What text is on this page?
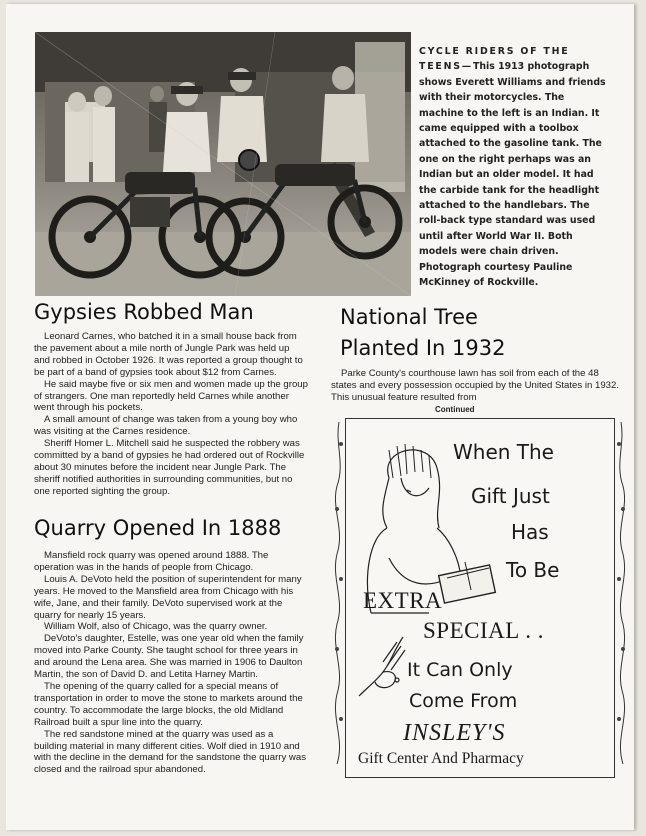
CYCLE RIDERS OF THE TEENS—This 1913 photograph shows Everett Williams and friends with their motorcycles. The machine to the left is an Indian. It came equipped with a toolbox attached to the gasoline tank. The one on the right perhaps was an Indian but an older model. It had the carbide tank for the headlight attached to the handlebars. The roll-back type standard was used until after World War II. Both models were chain driven. Photograph courtesy Pauline McKinney of Rockville.
Gypsies Robbed Man

Leonard Carnes, who batched it in a small house back from the pavement about a mile north of Jungle Park was held up and robbed in October 1926. It was reported a group thought to be part of a band of gypsies took about $12 from Carnes.

He said maybe five or six men and women made up the group of strangers. One man reportedly held Carnes while another went through his pockets.

A small amount of change was taken from a young boy who was visiting at the Carnes residence.

Sheriff Homer L. Mitchell said he suspected the robbery was committed by a band of gypsies he had ordered out of Rockville about 30 minutes before the incident near Jungle Park. The sheriff notified authorities in surrounding communities, but no one reported sighting the group.

Quarry Opened In 1888

Mansfield rock quarry was opened around 1888. The operation was in the hands of people from Chicago.

Louis A. DeVoto held the position of superintendent for many years. He moved to the Mansfield area from Chicago with his wife, Jane, and their family. DeVoto supervised work at the quarry for nearly 15 years.

William Wolf, also of Chicago, was the quarry owner.

DeVoto's daughter, Estelle, was one year old when the family moved into Parke County. She taught school for three years in and around the Lena area. She was married in 1906 to Daulton Martin, the son of David D. and Letita Harney Martin.

The opening of the quarry called for a special means of transportation in order to move the stone to markets around the country. To accommodate the large blocks, the old Midland Railroad built a spur line into the quarry.

The red sandstone mined at the quarry was used as a building material in many different cities. Wolf died in 1910 and with the decline in the demand for the sandstone the quarry was closed and the railroad spur abandoned.

National Tree
Planted In 1932

Parke County's courthouse lawn has soil from each of the 48 states and every possession occupied by the United States in 1932. This unusual feature resulted from

Continued
When The
Gift Just
Has
To Be
EXTRA
SPECIAL . .
It Can Only
Come From
INSLEY'S
Gift Center And Pharmacy
